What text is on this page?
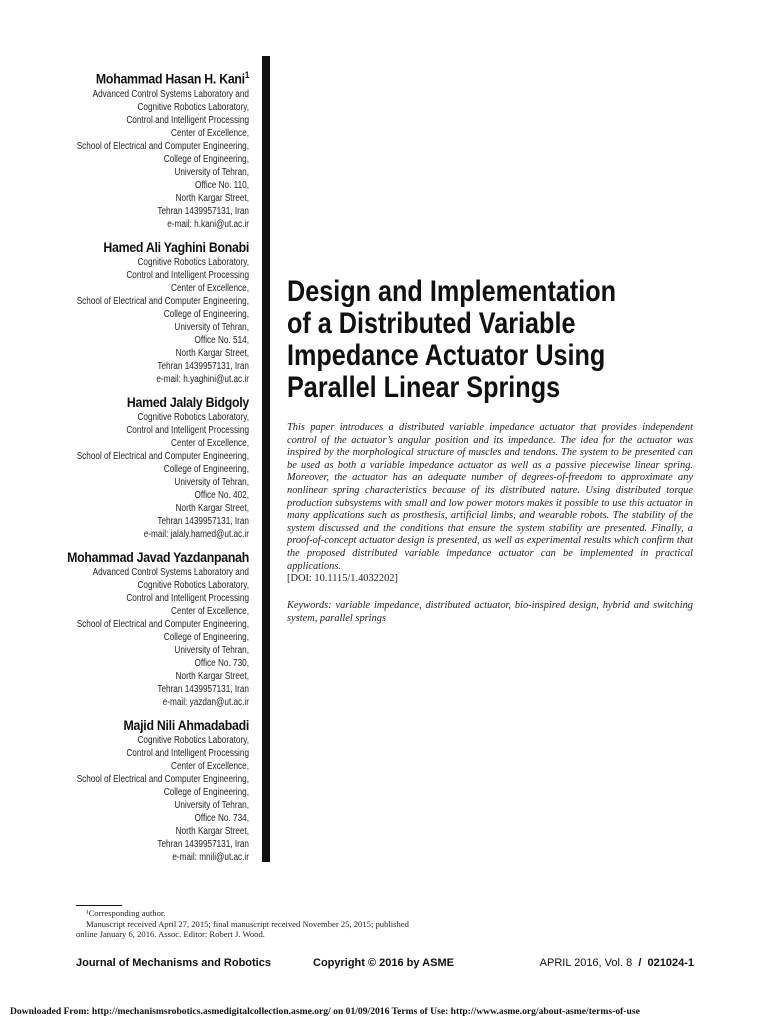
Mohammad Hasan H. Kani$^1$
Advanced Control Systems Laboratory and
Cognitive Robotics Laboratory,
Control and Intelligent Processing
Center of Excellence,
School of Electrical and Computer Engineering,
College of Engineering,
University of Tehran,
Office No. 110,
North Kargar Street,
Tehran 1439957131, Iran
e-mail: h.kani@ut.ac.ir
Hamed Ali Yaghini Bonabi
Cognitive Robotics Laboratory,
Control and Intelligent Processing
Center of Excellence,
School of Electrical and Computer Engineering,
College of Engineering,
University of Tehran,
Office No. 514,
North Kargar Street,
Tehran 1439957131, Iran
e-mail: h.yaghini@ut.ac.ir
Hamed Jalaly Bidgoly
Cognitive Robotics Laboratory,
Control and Intelligent Processing
Center of Excellence,
School of Electrical and Computer Engineering,
College of Engineering,
University of Tehran,
Office No. 402,
North Kargar Street,
Tehran 1439957131, Iran
e-mail: jalaly.hamed@ut.ac.ir
Mohammad Javad Yazdanpanah
Advanced Control Systems Laboratory and
Cognitive Robotics Laboratory,
Control and Intelligent Processing
Center of Excellence,
School of Electrical and Computer Engineering,
College of Engineering,
University of Tehran,
Office No. 730,
North Kargar Street,
Tehran 1439957131, Iran
e-mail: yazdan@ut.ac.ir
Majid Nili Ahmadabadi
Cognitive Robotics Laboratory,
Control and Intelligent Processing
Center of Excellence,
School of Electrical and Computer Engineering,
College of Engineering,
University of Tehran,
Office No. 734,
North Kargar Street,
Tehran 1439957131, Iran
e-mail: mnili@ut.ac.ir
Design and Implementation
of a Distributed Variable
Impedance Actuator Using
Parallel Linear Springs
This paper introduces a distributed variable impedance actuator that provides independent control of the actuator’s angular position and its impedance. The idea for the actuator was inspired by the morphological structure of muscles and tendons. The system to be presented can be used as both a variable impedance actuator as well as a passive piecewise linear spring. Moreover, the actuator has an adequate number of degrees-of-freedom to approximate any nonlinear spring characteristics because of its distributed nature. Using distributed torque production subsystems with small and low power motors makes it possible to use this actuator in many applications such as prosthesis, artificial limbs, and wearable robots. The stability of the system discussed and the conditions that ensure the system stability are presented. Finally, a proof-of-concept actuator design is presented, as well as experimental results which confirm that the proposed distributed variable impedance actuator can be implemented in practical applications.
[DOI: 10.1115/1.4032202]
Keywords: variable impedance, distributed actuator, bio-inspired design, hybrid and switching system, parallel springs

¹Corresponding author.

Manuscript received April 27, 2015; final manuscript received November 25, 2015; published online January 6, 2016. Assoc. Editor: Robert J. Wood.

Journal of Mechanisms and Robotics	Copyright © 2016 by ASME	APRIL 2016, Vol. 8 / 021024-1
Downloaded From: http://mechanismsrobotics.asmedigitalcollection.asme.org/ on 01/09/2016 Terms of Use: http://www.asme.org/about-asme/terms-of-use
